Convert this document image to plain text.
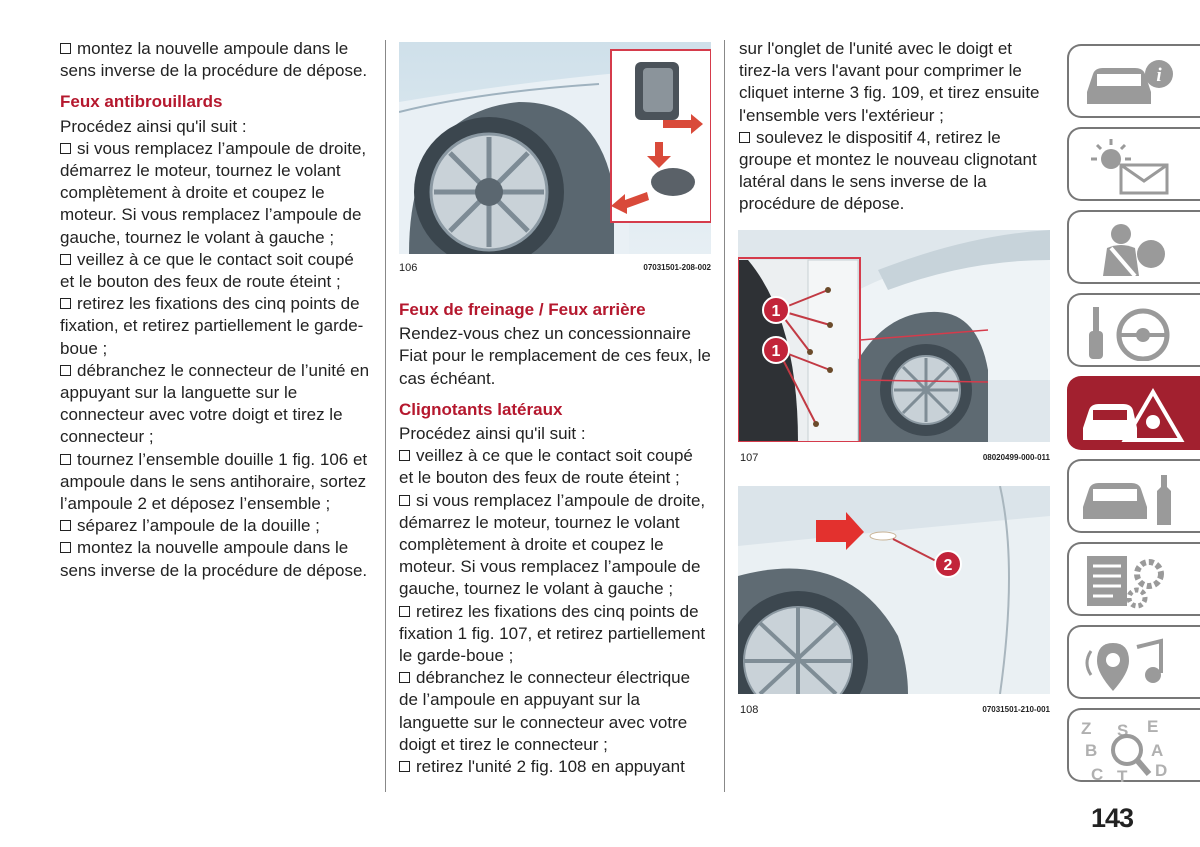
montez la nouvelle ampoule dans le sens inverse de la procédure de dépose.

Feux antibrouillards

Procédez ainsi qu'il suit :

si vous remplacez l’ampoule de droite, démarrez le moteur, tournez le volant complètement à droite et coupez le moteur. Si vous remplacez l’ampoule de gauche, tournez le volant à gauche ;

veillez à ce que le contact soit coupé et le bouton des feux de route éteint ;

retirez les fixations des cinq points de fixation, et retirez partiellement le garde-boue ;

débranchez le connecteur de l’unité en appuyant sur la languette sur le connecteur avec votre doigt et tirez le connecteur ;

tournez l’ensemble douille 1 fig. 106 et ampoule dans le sens antihoraire, sortez l’ampoule 2 et déposez l’ensemble ;

séparez l’ampoule de la douille ;

montez la nouvelle ampoule dans le sens inverse de la procédure de dépose.

106	07031501-208-002

Feux de freinage / Feux arrière

Rendez-vous chez un concessionnaire Fiat pour le remplacement de ces feux, le cas échéant.

Clignotants latéraux

Procédez ainsi qu'il suit :

veillez à ce que le contact soit coupé et le bouton des feux de route éteint ;

si vous remplacez l’ampoule de droite, démarrez le moteur, tournez le volant complètement à droite et coupez le moteur. Si vous remplacez l’ampoule de gauche, tournez le volant à gauche ;

retirez les fixations des cinq points de fixation 1 fig. 107, et retirez partiellement le garde-boue ;

débranchez le connecteur électrique de l’ampoule en appuyant sur la languette sur le connecteur avec votre doigt et tirez le connecteur ;

retirez l'unité 2 fig. 108 en appuyant

sur l'onglet de l'unité avec le doigt et tirez-la vers l'avant pour comprimer le cliquet interne 3 fig. 109, et tirez ensuite l'ensemble vers l'extérieur ;

soulevez le dispositif 4, retirez le groupe et montez le nouveau clignotant latéral dans le sens inverse de la procédure de dépose.

1
1
107	08020499-000-011
2
108	07031501-210-001
i
Z S E
B	A
C T D
143
